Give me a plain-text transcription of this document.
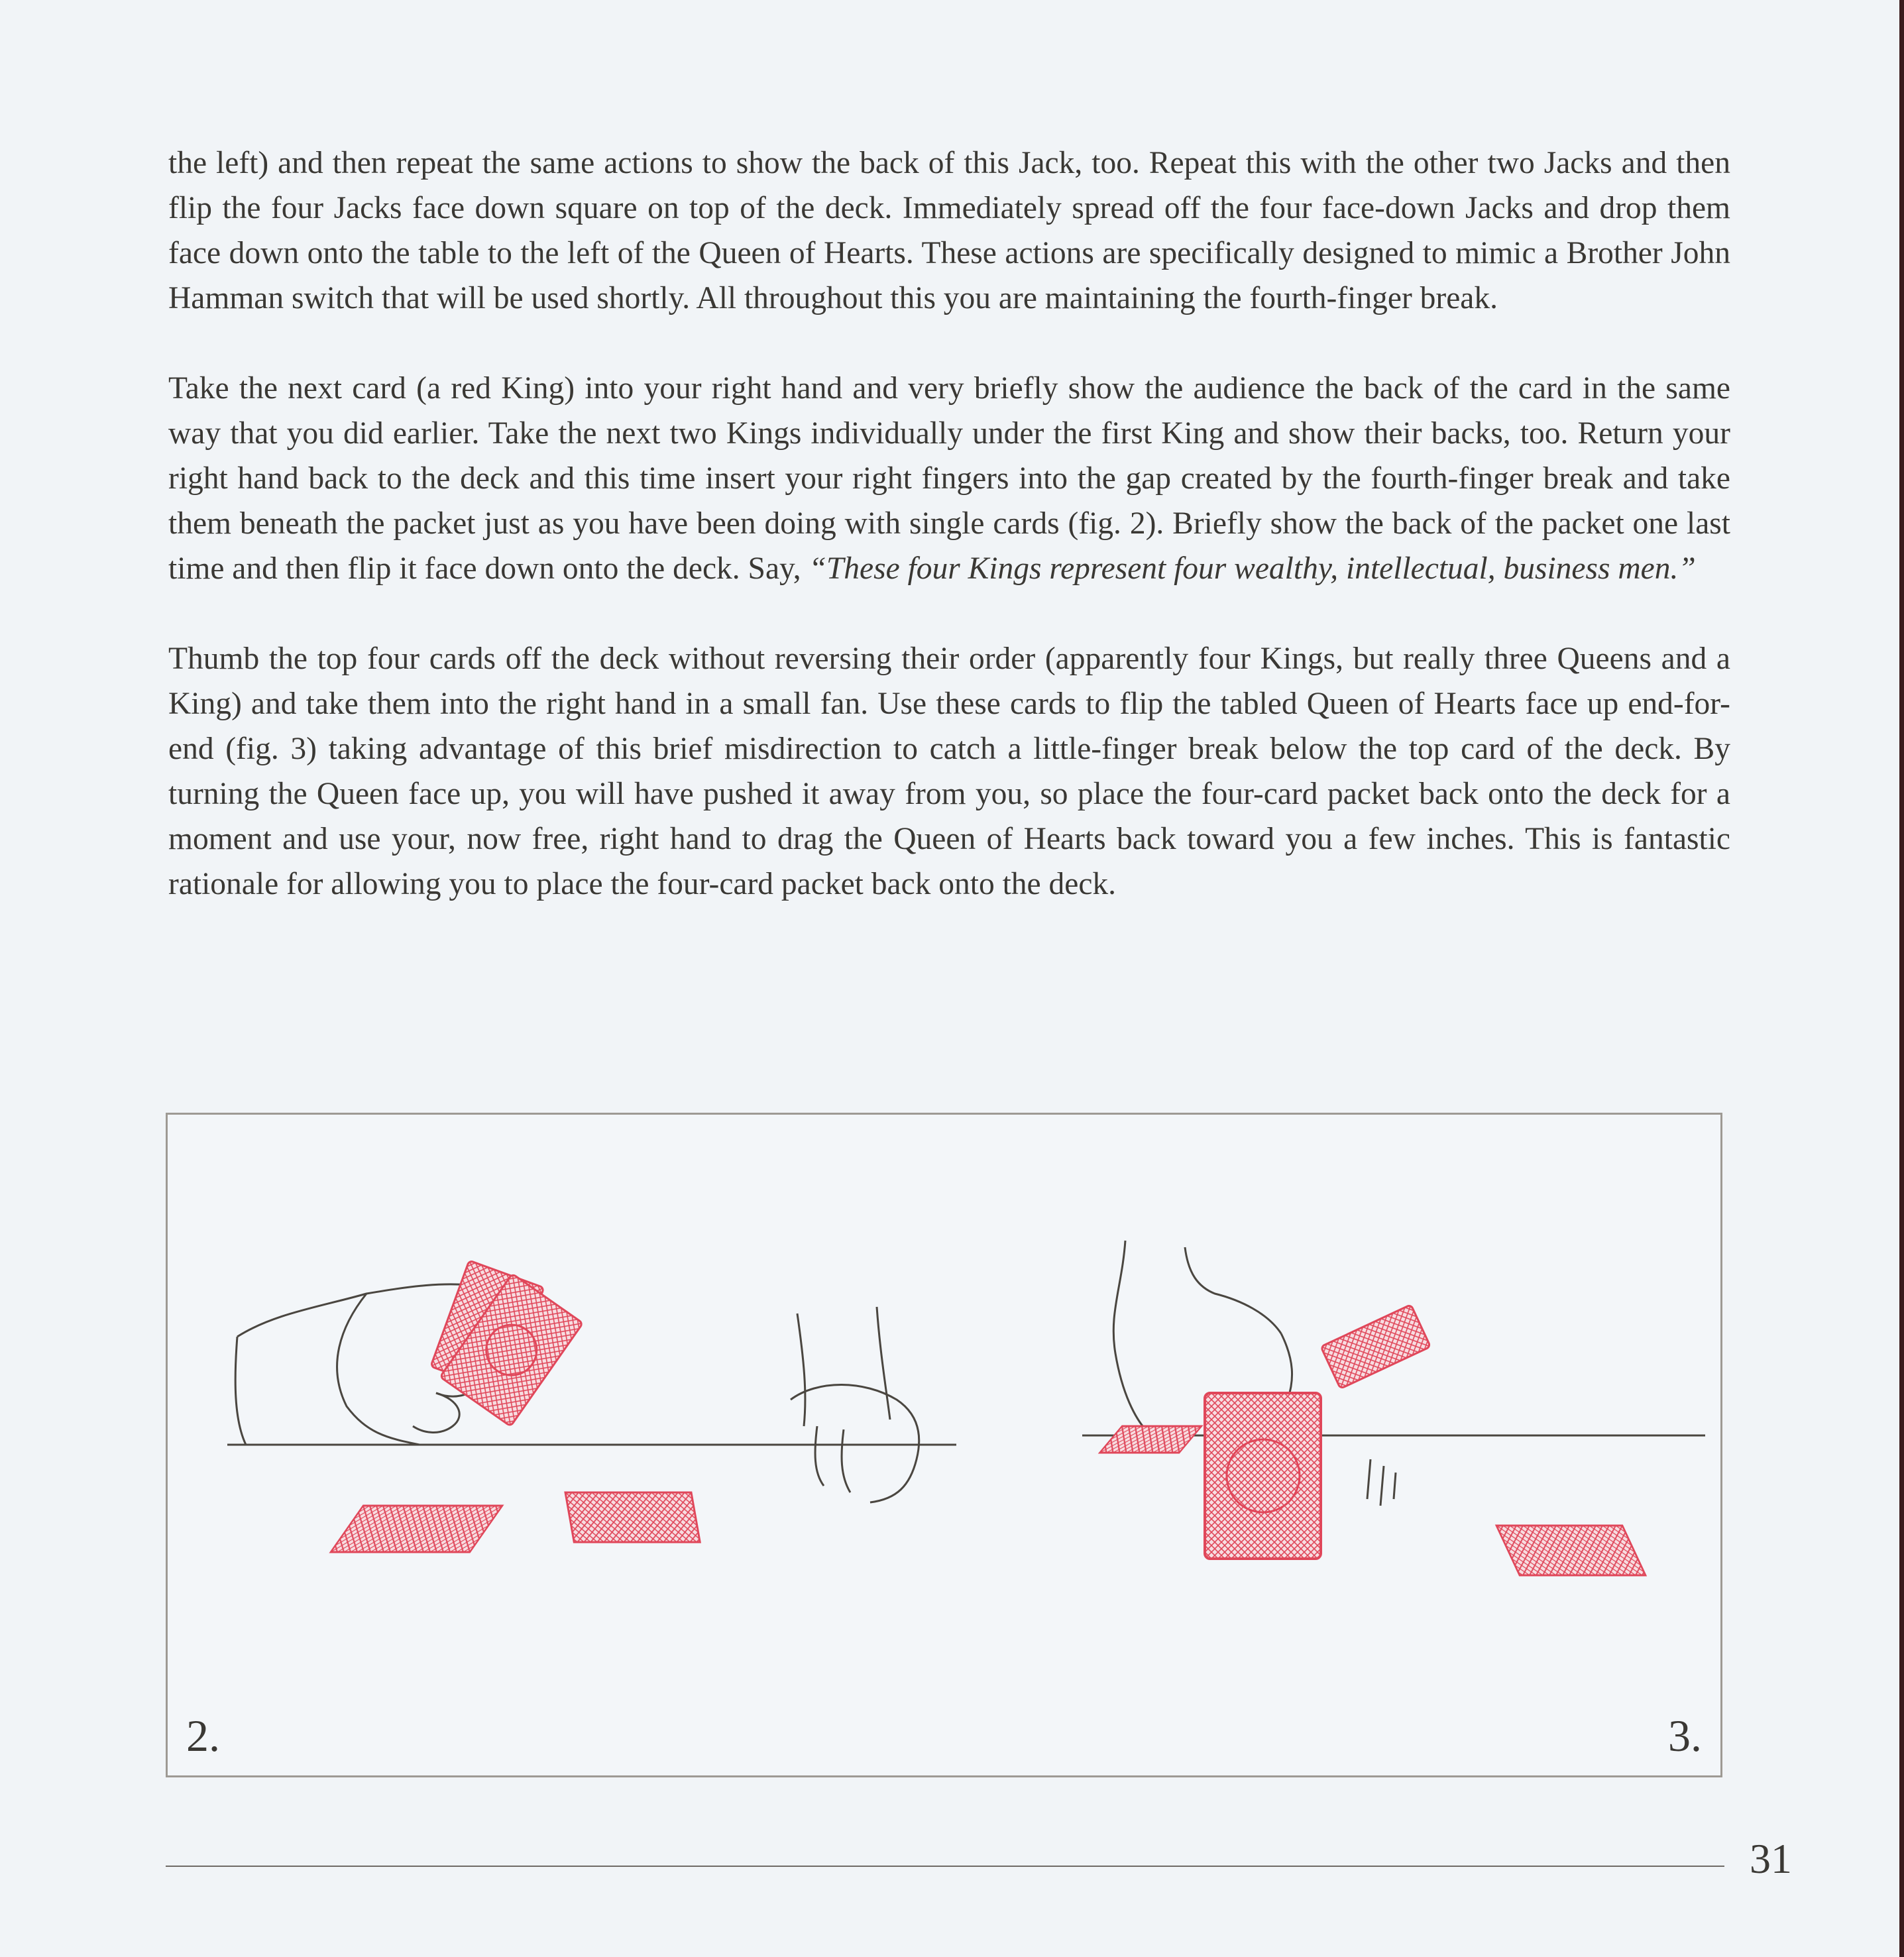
the left) and then repeat the same actions to show the back of this Jack, too. Repeat this with the other two Jacks and then flip the four Jacks face down square on top of the deck. Immediately spread off the four face-down Jacks and drop them face down onto the table to the left of the Queen of Hearts. These actions are specifically designed to mimic a Brother John Hamman switch that will be used shortly. All throughout this you are maintaining the fourth-finger break.

Take the next card (a red King) into your right hand and very briefly show the audience the back of the card in the same way that you did earlier. Take the next two Kings individually under the first King and show their backs, too. Return your right hand back to the deck and this time insert your right fingers into the gap created by the fourth-finger break and take them beneath the packet just as you have been doing with single cards (fig. 2). Briefly show the back of the packet one last time and then flip it face down onto the deck. Say, “These four Kings represent four wealthy, intellectual, business men.”

Thumb the top four cards off the deck without reversing their order (apparently four Kings, but really three Queens and a King) and take them into the right hand in a small fan. Use these cards to flip the tabled Queen of Hearts face up end-for-end (fig. 3) taking advantage of this brief misdirection to catch a little-finger break below the top card of the deck. By turning the Queen face up, you will have pushed it away from you, so place the four-card packet back onto the deck for a moment and use your, now free, right hand to drag the Queen of Hearts back toward you a few inches. This is fantastic rationale for allowing you to place the four-card packet back onto the deck.

2.	3.
31
